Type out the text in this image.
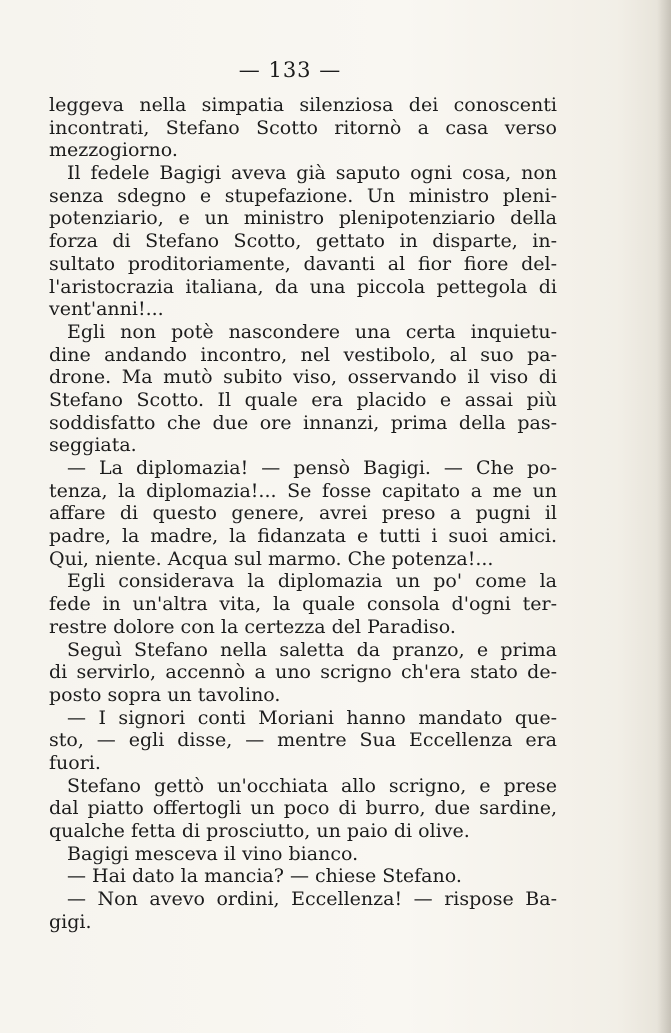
— 133 —
leggeva nella simpatia silenziosa dei conoscenti
incontrati, Stefano Scotto ritornò a casa verso
mezzogiorno.
Il fedele Bagigi aveva già saputo ogni cosa, non
senza sdegno e stupefazione. Un ministro pleni-
potenziario, e un ministro plenipotenziario della
forza di Stefano Scotto, gettato in disparte, in-
sultato proditoriamente, davanti al fior fiore del-
l'aristocrazia italiana, da una piccola pettegola di
vent'anni!...
Egli non potè nascondere una certa inquietu-
dine andando incontro, nel vestibolo, al suo pa-
drone. Ma mutò subito viso, osservando il viso di
Stefano Scotto. Il quale era placido e assai più
soddisfatto che due ore innanzi, prima della pas-
seggiata.
— La diplomazia! — pensò Bagigi. — Che po-
tenza, la diplomazia!... Se fosse capitato a me un
affare di questo genere, avrei preso a pugni il
padre, la madre, la fidanzata e tutti i suoi amici.
Qui, niente. Acqua sul marmo. Che potenza!...
Egli considerava la diplomazia un po' come la
fede in un'altra vita, la quale consola d'ogni ter-
restre dolore con la certezza del Paradiso.
Seguì Stefano nella saletta da pranzo, e prima
di servirlo, accennò a uno scrigno ch'era stato de-
posto sopra un tavolino.
— I signori conti Moriani hanno mandato que-
sto, — egli disse, — mentre Sua Eccellenza era
fuori.
Stefano gettò un'occhiata allo scrigno, e prese
dal piatto offertogli un poco di burro, due sardine,
qualche fetta di prosciutto, un paio di olive.
Bagigi mesceva il vino bianco.
— Hai dato la mancia? — chiese Stefano.
— Non avevo ordini, Eccellenza! — rispose Ba-
gigi.
